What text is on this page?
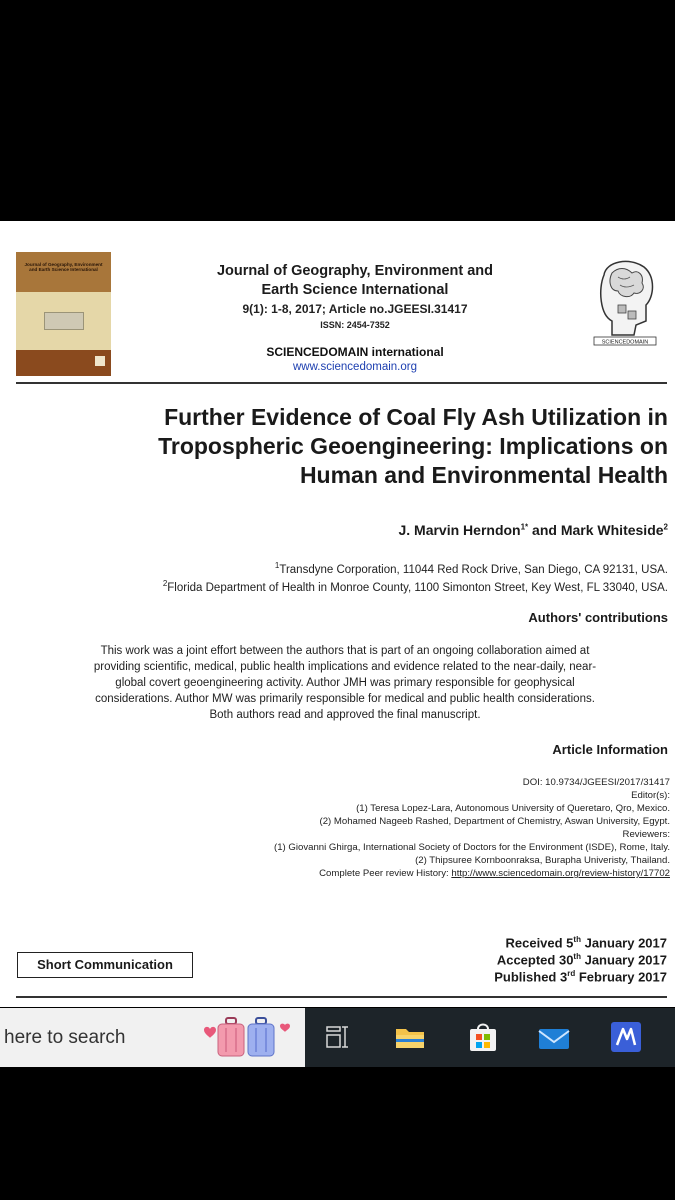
Journal of Geography, Environment and Earth Science International	Journal of Geography, Environment and
Earth Science International
9(1): 1-8, 2017; Article no.JGEESI.31417
ISSN: 2454-7352
SCIENCEDOMAIN international
www.sciencedomain.org
SCIENCEDOMAIN
Further Evidence of Coal Fly Ash Utilization in
Tropospheric Geoengineering: Implications on
Human and Environmental Health
J. Marvin Herndon$^{1*}$ and Mark Whiteside$^2$
$^1$Transdyne Corporation, 11044 Red Rock Drive, San Diego, CA 92131, USA.
$^2$Florida Department of Health in Monroe County, 1100 Simonton Street, Key West, FL 33040, USA.
Authors' contributions
This work was a joint effort between the authors that is part of an ongoing collaboration aimed at
providing scientific, medical, public health implications and evidence related to the near-daily, near-
global covert geoengineering activity. Author JMH was primary responsible for geophysical
considerations. Author MW was primarily responsible for medical and public health considerations.
Both authors read and approved the final manuscript.
Article Information
DOI: 10.9734/JGEESI/2017/31417
Editor(s):
(1) Teresa Lopez-Lara, Autonomous University of Queretaro, Qro, Mexico.
(2) Mohamed Nageeb Rashed, Department of Chemistry, Aswan University, Egypt.
Reviewers:
(1) Giovanni Ghirga, International Society of Doctors for the Environment (ISDE), Rome, Italy.
(2) Thipsuree Kornboonraksa, Burapha Univeristy, Thailand.
Complete Peer review History: http://www.sciencedomain.org/review-history/17702
Received 5th January 2017
Accepted 30th January 2017
Published 3rd February 2017
Short Communication
here to search
